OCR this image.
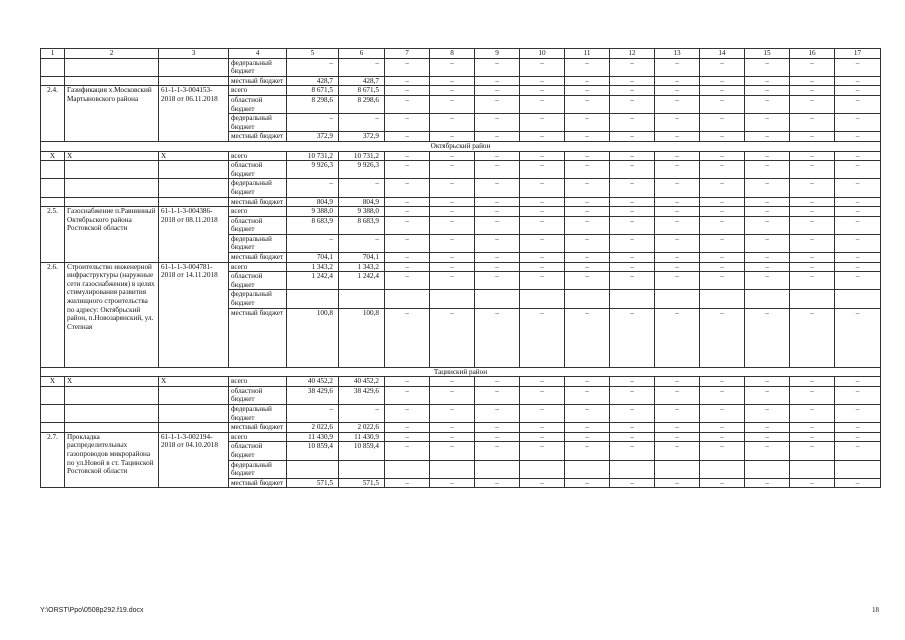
1	2	3	4	5	6	7	8	9	10	11	12	13	14	15	16	17
			федеральный бюджет	–	–	–	–	–	–	–	–	–	–	–	–	–
			местный бюджет	428,7	428,7	–	–	–	–	–	–	–	–	–	–	–
2.4.	Газификация х.Московский Мартыновского района	61-1-1-3-004153-2018 от 06.11.2018	всего	8 671,5	8 671,5	–	–	–	–	–	–	–	–	–	–	–
			областной бюджет	8 298,6	8 298,6	–	–	–	–	–	–	–	–	–	–	–
			федеральный бюджет	–	–	–	–	–	–	–	–	–	–	–	–	–
			местный бюджет	372,9	372,9	–	–	–	–	–	–	–	–	–	–	–
Октябрьский район																
Х	Х	Х	всего	10 731,2	10 731,2	–	–	–	–	–	–	–	–	–	–	–
			областной бюджет	9 926,3	9 926,3	–	–	–	–	–	–	–	–	–	–	–
			федеральный бюджет	–	–	–	–	–	–	–	–	–	–	–	–	–
			местный бюджет	804,9	804,9	–	–	–	–	–	–	–	–	–	–	–
2.5.	Газоснабжение п.Равнинный Октябрьского района Ростовской области	61-1-1-3-004386-2018 от 08.11.2018	всего	9 388,0	9 388,0	–	–	–	–	–	–	–	–	–	–	–
			областной бюджет	8 683,9	8 683,9	–	–	–	–	–	–	–	–	–	–	–
			федеральный бюджет	–	–	–	–	–	–	–	–	–	–	–	–	–
			местный бюджет	704,1	704,1	–	–	–	–	–	–	–	–	–	–	–
2.6.	Строительство инженерной инфраструктуры (наружные сети газоснабжения) в целях стимулирования развития жилищного строительства по адресу: Октябрьский район, п.Новозарянский, ул. Степная	61-1-1-3-004781-2018 от 14.11.2018	всего	1 343,2	1 343,2	–	–	–	–	–	–	–	–	–	–	–
			областной бюджет	1 242,4	1 242,4	–	–	–	–	–	–	–	–	–	–	–
			федеральный бюджет													
			местный бюджет	100,8	100,8	–	–	–	–	–	–	–	–	–	–	–
Тацинский район																
Х	Х	Х	всего	40 452,2	40 452,2	–	–	–	–	–	–	–	–	–	–	–
			областной бюджет	38 429,6	38 429,6	–	–	–	–	–	–	–	–	–	–	–
			федеральный бюджет	–	–	–	–	–	–	–	–	–	–	–	–	–
			местный бюджет	2 022,6	2 022,6	–	–	–	–	–	–	–	–	–	–	–
2.7.	Прокладка распределительных газопроводов микрорайона по ул.Новой в ст. Тацинской Ростовской области	61-1-1-3-002194-2018 от 04.10.2018	всего	11 430,9	11 430,9	–	–	–	–	–	–	–	–	–	–	–
			областной бюджет	10 859,4	10 859,4	–	–	–	–	–	–	–	–	–	–	–
			федеральный бюджет													
			местный бюджет	571,5	571,5	–	–	–	–	–	–	–	–	–	–	–
Y:\ORST\Ppo\0508p292.f19.docx	18
